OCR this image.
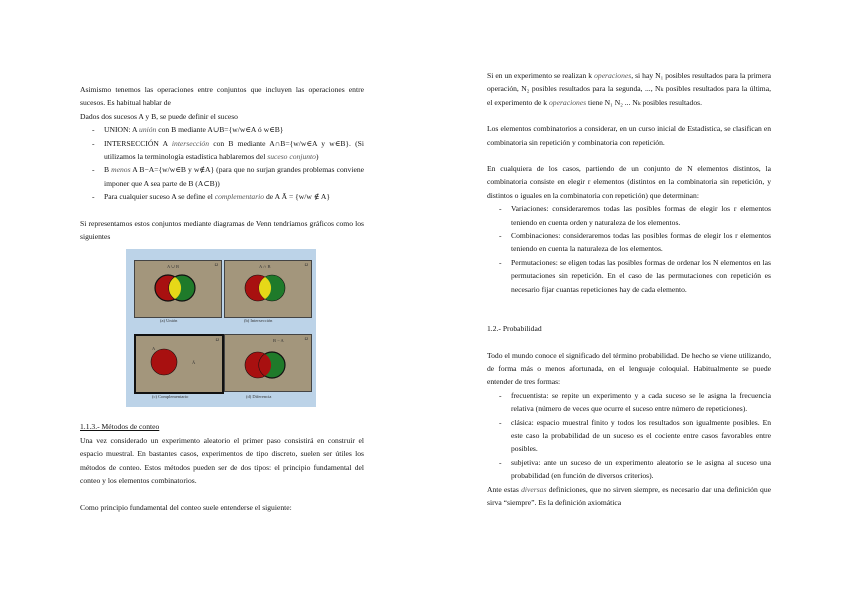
Asimismo tenemos las operaciones entre conjuntos que incluyen las operaciones entre sucesos. Es habitual hablar de

Dados dos sucesos A y B, se puede definir el suceso

- UNION: A unión con B mediante A∪B={w/w∈A ó w∈B}
- INTERSECCIÓN A intersección con B mediante A∩B={w/w∈A y w∈B}. (Si utilizamos la terminología estadística hablaremos del suceso conjunto)
- B menos A B−A={w/w∈B y w∉A} (para que no surjan grandes problemas conviene imponer que A sea parte de B (A⊂B))
- Para cualquier suceso A se define el complementario de A Ā = {w/w ∉ A}

Si representamos estos conjuntos mediante diagramas de Venn tendríamos gráficos como los siguientes

A ∪ B	Ω
(a) Unión
A ∩ B	Ω
(b) Intersección
A
Ā
Ω
(c) Complementario
B − A	Ω
(d) Diferencia

1.1.3.- Métodos de conteo

Una vez considerado un experimento aleatorio el primer paso consistirá en construir el espacio muestral. En bastantes casos, experimentos de tipo discreto, suelen ser útiles los métodos de conteo. Estos métodos pueden ser de dos tipos: el principio fundamental del conteo y los elementos combinatorios.

Como principio fundamental del conteo suele entenderse el siguiente:

Si en un experimento se realizan k operaciones, si hay N₁ posibles resultados para la primera operación, N₂ posibles resultados para la segunda, ..., Nₖ posibles resultados para la última, el experimento de k operaciones tiene N₁ N₂ ... Nₖ posibles resultados.

Los elementos combinatorios a considerar, en un curso inicial de Estadística, se clasifican en combinatoria sin repetición y combinatoria con repetición.

En cualquiera de los casos, partiendo de un conjunto de N elementos distintos, la combinatoria consiste en elegir r elementos (distintos en la combinatoria sin repetición, y distintos o iguales en la combinatoria con repetición) que determinan:

- Variaciones: consideraremos todas las posibles formas de elegir los r elementos teniendo en cuenta orden y naturaleza de los elementos.
- Combinaciones: consideraremos todas las posibles formas de elegir los r elementos teniendo en cuenta la naturaleza de los elementos.
- Permutaciones: se eligen todas las posibles formas de ordenar los N elementos en las permutaciones sin repetición. En el caso de las permutaciones con repetición es necesario fijar cuantas repeticiones hay de cada elemento.

1.2.- Probabilidad

Todo el mundo conoce el significado del término probabilidad. De hecho se viene utilizando, de forma más o menos afortunada, en el lenguaje coloquial. Habitualmente se puede entender de tres formas:

- frecuentista: se repite un experimento y a cada suceso se le asigna la frecuencia relativa (número de veces que ocurre el suceso entre número de repeticiones).
- clásica: espacio muestral finito y todos los resultados son igualmente posibles. En este caso la probabilidad de un suceso es el cociente entre casos favorables entre posibles.
- subjetiva: ante un suceso de un experimento aleatorio se le asigna al suceso una probabilidad (en función de diversos criterios).

Ante estas diversas definiciones, que no sirven siempre, es necesario dar una definición que sirva “siempre”. Es la definición axiomática
